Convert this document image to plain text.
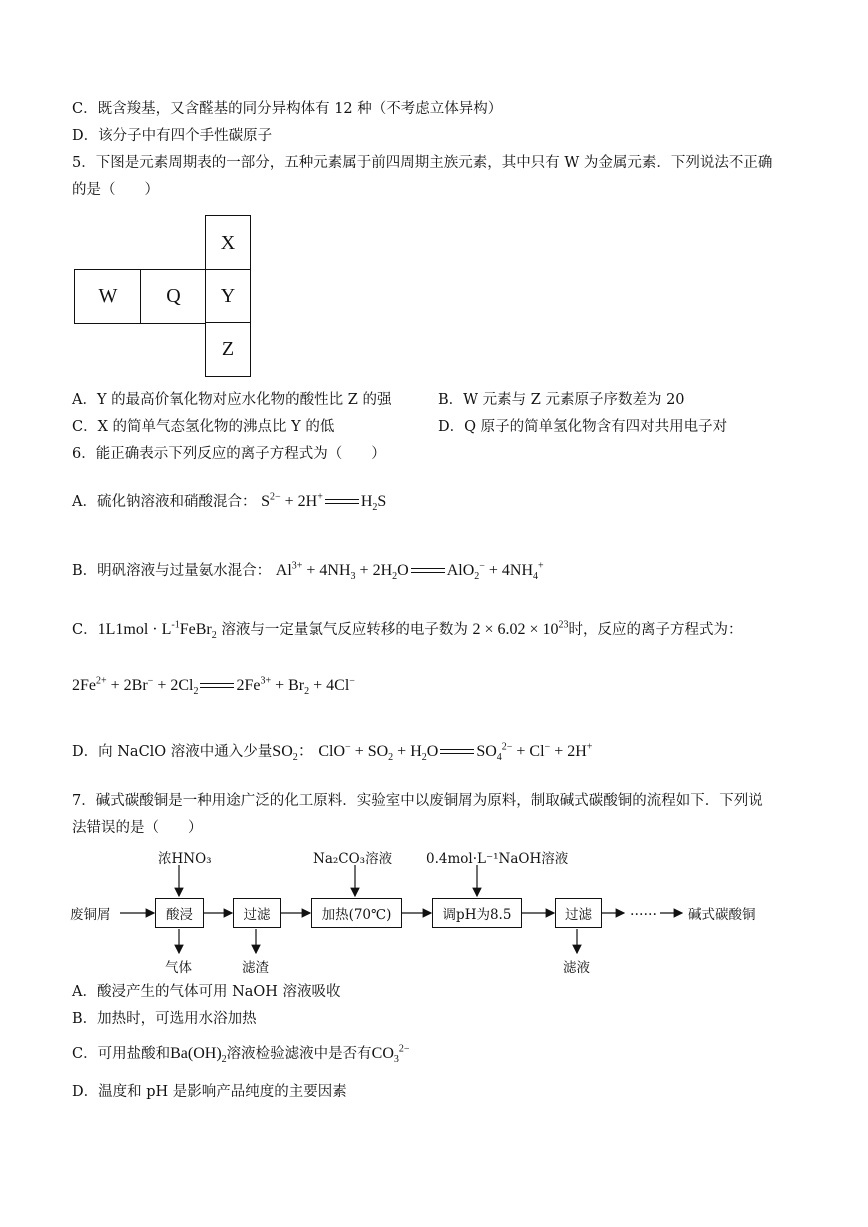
C．既含羧基，又含醛基的同分异构体有 12 种（不考虑立体异构）
D．该分子中有四个手性碳原子
5．下图是元素周期表的一部分，五种元素属于前四周期主族元素，其中只有 W 为金属元素．下列说法不正确
的是（　　）
X
W	Q	Y
Z
A．Y 的最高价氧化物对应水化物的酸性比 Z 的强	B．W 元素与 Z 元素原子序数差为 20
C．X 的简单气态氢化物的沸点比 Y 的低	D．Q 原子的简单氢化物含有四对共用电子对
6．能正确表示下列反应的离子方程式为（　　）
A．硫化钠溶液和硝酸混合： $S^{2-} + 2H^+$ $H_2S$
B．明矾溶液与过量氨水混合： $Al^{3+} + 4NH_3 + 2H_2O$ $AlO_2^- + 4NH_4^+$
C．$1L1mol \cdot L^{-1}FeBr_2$ 溶液与一定量氯气反应转移的电子数为 $2 \times 6.02 \times 10^{23}$时，反应的离子方程式为：
$2Fe^{2+} + 2Br^- + 2Cl_2$ $2Fe^{3+} + Br_2 + 4Cl^-$
D．向 NaClO 溶液中通入少量$SO_2$： $ClO^- + SO_2 + H_2O$ $SO_4^{2-} + Cl^- + 2H^+$
7．碱式碳酸铜是一种用途广泛的化工原料．实验室中以废铜屑为原料，制取碱式碳酸铜的流程如下．下列说
法错误的是（　　）
废铜屑	酸浸	过滤	加热(70℃)	调pH为8.5	过滤	…… 碱式碳酸铜
浓HNO₃	Na₂CO₃溶液	0.4mol·L⁻¹NaOH溶液
气体	滤渣	滤液
A．酸浸产生的气体可用 NaOH 溶液吸收
B．加热时，可选用水浴加热
C．可用盐酸和$Ba(OH)_2$溶液检验滤液中是否有$CO_3^{2-}$
D．温度和 pH 是影响产品纯度的主要因素
